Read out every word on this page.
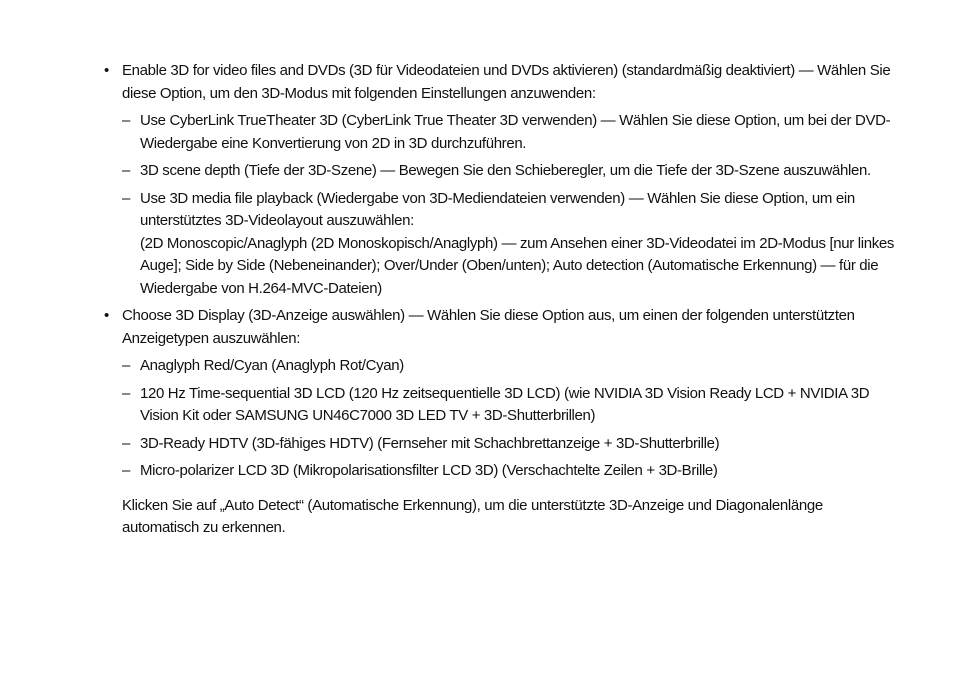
• Enable 3D for video files and DVDs (3D für Videodateien und DVDs aktivieren) (standardmäßig deaktiviert) — Wählen Sie diese Option, um den 3D-Modus mit folgenden Einstellungen anzuwenden:
– Use CyberLink TrueTheater 3D (CyberLink True Theater 3D verwenden) — Wählen Sie diese Option, um bei der DVD-Wiedergabe eine Konvertierung von 2D in 3D durchzuführen.
– 3D scene depth (Tiefe der 3D-Szene) — Bewegen Sie den Schieberegler, um die Tiefe der 3D-Szene auszuwählen.
– Use 3D media file playback (Wiedergabe von 3D-Mediendateien verwenden) — Wählen Sie diese Option, um ein unterstütztes 3D-Videolayout auszuwählen:
(2D Monoscopic/Anaglyph (2D Monoskopisch/Anaglyph) — zum Ansehen einer 3D-Videodatei im 2D-Modus [nur linkes Auge]; Side by Side (Nebeneinander); Over/Under (Oben/unten); Auto detection (Automatische Erkennung) — für die Wiedergabe von H.264-MVC-Dateien)
• Choose 3D Display (3D-Anzeige auswählen) — Wählen Sie diese Option aus, um einen der folgenden unterstützten Anzeigetypen auszuwählen:
– Anaglyph Red/Cyan (Anaglyph Rot/Cyan)
– 120 Hz Time-sequential 3D LCD (120 Hz zeitsequentielle 3D LCD) (wie NVIDIA 3D Vision Ready LCD + NVIDIA 3D Vision Kit oder SAMSUNG UN46C7000 3D LED TV + 3D-Shutterbrillen)
– 3D-Ready HDTV (3D-fähiges HDTV) (Fernseher mit Schachbrettanzeige + 3D-Shutterbrille)
– Micro-polarizer LCD 3D (Mikropolarisationsfilter LCD 3D) (Verschachtelte Zeilen + 3D-Brille)
Klicken Sie auf „Auto Detect“ (Automatische Erkennung), um die unterstützte 3D-Anzeige und Diagonalenlänge automatisch zu erkennen.
